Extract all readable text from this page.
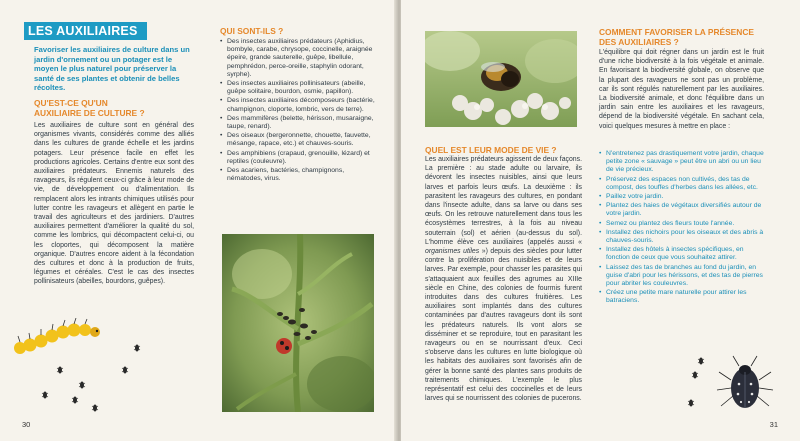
LES AUXILIAIRES
Favoriser les auxiliaires de culture dans un jardin d'ornement ou un potager est le moyen le plus naturel pour préserver la santé de ses plantes et obtenir de belles récoltes.
QU'EST-CE QU'UN AUXILIAIRE DE CULTURE ?
Les auxiliaires de culture sont en général des organismes vivants, considérés comme des alliés dans les cultures de grande échelle et les jardins potagers. Leur présence facile en effet les productions agricoles. Certains d'entre eux sont des auxiliaires prédateurs. Ennemis naturels des ravageurs, ils régulent ceux-ci grâce à leur mode de vie, de développement ou d'alimentation. Ils remplacent alors les intrants chimiques utilisés pour lutter contre les ravageurs et allègent en partie le travail des agriculteurs et des jardiniers. D'autres auxiliaires permettent d'améliorer la qualité du sol, comme les lombrics, qui décompactent celui-ci, ou les cloportes, qui décomposent la matière organique. D'autres encore aident à la fécondation des cultures et donc à la production de fruits, légumes et céréales. C'est le cas des insectes pollinisateurs (abeilles, bourdons, guêpes).
QUI SONT-ILS ?
• Des insectes auxiliaires prédateurs (Aphidius, bombyle, carabe, chrysope, coccinelle, araignée épeire, grande sauterelle, guêpe, libellule, pemphrédon, perce-oreille, staphylin odorant, syrphe).
• Des insectes auxiliaires pollinisateurs (abeille, guêpe solitaire, bourdon, osmie, papillon).
• Des insectes auxiliaires décomposeurs (bactérie, champignon, cloporte, lombric, vers de terre).
• Des mammifères (belette, hérisson, musaraigne, taupe, renard).
• Des oiseaux (bergeronnette, chouette, fauvette, mésange, rapace, etc.) et chauves-souris.
• Des amphibiens (crapaud, grenouille, lézard) et reptiles (couleuvre).
• Des acariens, bactéries, champignons, nématodes, virus.
30
QUEL EST LEUR MODE DE VIE ?
Les auxiliaires prédateurs agissent de deux façons. La première : au stade adulte ou larvaire, ils dévorent les insectes nuisibles, ainsi que leurs larves et parfois leurs œufs. La deuxième : ils parasitent les ravageurs des cultures, en pondant dans l'insecte adulte, dans sa larve ou dans ses œufs. On les retrouve naturellement dans tous les écosystèmes terrestres, à la fois au niveau souterrain (sol) et aérien (au-dessus du sol). L'homme élève ces auxiliaires (appelés aussi « organismes utiles ») depuis des siècles pour lutter contre la prolifération des nuisibles et de leurs larves. Par exemple, pour chasser les parasites qui s'attaquaient aux feuilles des agrumes au XIIIe siècle en Chine, des colonies de fourmis furent introduites dans des cultures fruitières. Les auxiliaires sont implantés dans des cultures contaminées par d'autres ravageurs dont ils sont les prédateurs naturels. Ils vont alors se disséminer et se reproduire, tout en parasitant les ravageurs ou en se nourrissant d'eux. Ceci s'observe dans les cultures en lutte biologique où les habitats des auxiliaires sont favorisés afin de gérer la bonne santé des plantes sans produits de traitements chimiques. L'exemple le plus représentatif est celui des coccinelles et de leurs larves qui se nourrissent des colonies de pucerons.
COMMENT FAVORISER LA PRÉSENCE DES AUXILIAIRES ?
L'équilibre qui doit régner dans un jardin est le fruit d'une riche biodiversité à la fois végétale et animale. En favorisant la biodiversité globale, on observe que la plupart des ravageurs ne sont pas un problème, car ils sont régulés naturellement par les auxiliaires. La biodiversité animale, et donc l'équilibre dans un jardin sain entre les auxiliaires et les ravageurs, dépend de la biodiversité végétale. En sachant cela, voici quelques mesures à mettre en place :
• N'entretenez pas drastiquement votre jardin, chaque petite zone « sauvage » peut être un abri ou un lieu de vie précieux.
• Préservez des espaces non cultivés, des tas de compost, des touffes d'herbes dans les allées, etc.
• Paillez votre jardin.
• Plantez des haies de végétaux diversifiés autour de votre jardin.
• Semez ou plantez des fleurs toute l'année.
• Installez des nichoirs pour les oiseaux et des abris à chauves-souris.
• Installez des hôtels à insectes spécifiques, en fonction de ceux que vous souhaitez attirer.
• Laissez des tas de branches au fond du jardin, en guise d'abri pour les hérissons, et des tas de pierres pour abriter les couleuvres.
• Créez une petite mare naturelle pour attirer les batraciens.
31
